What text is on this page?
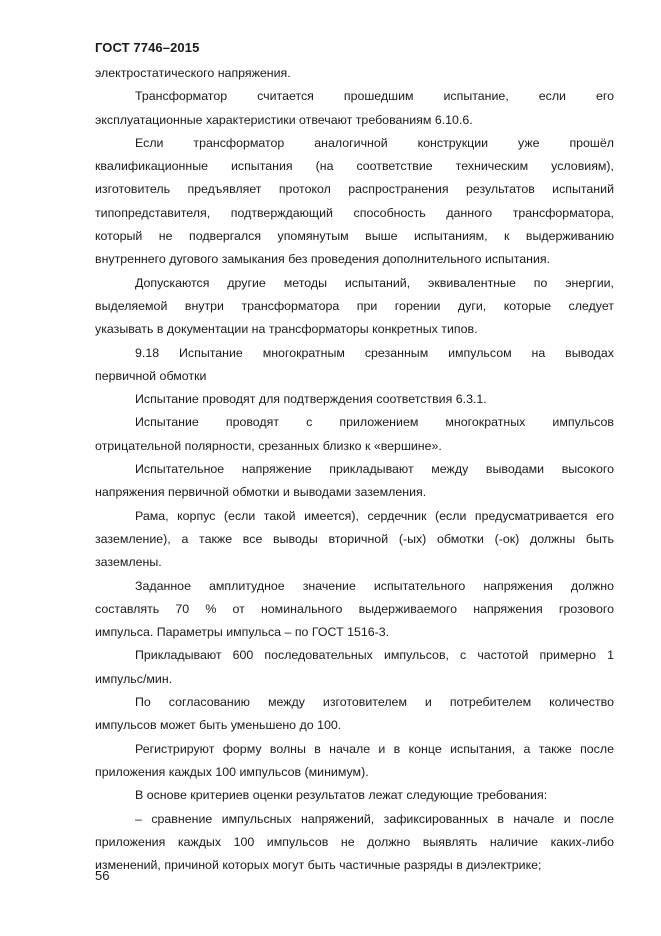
ГОСТ 7746–2015
электростатического напряжения.
Трансформатор считается прошедшим испытание, если его
эксплуатационные характеристики отвечают требованиям 6.10.6.
Если трансформатор аналогичной конструкции уже прошёл
квалификационные испытания (на соответствие техническим условиям),
изготовитель предъявляет протокол распространения результатов испытаний
типопредставителя, подтверждающий способность данного трансформатора,
который не подвергался упомянутым выше испытаниям, к выдерживанию
внутреннего дугового замыкания без проведения дополнительного испытания.
Допускаются другие методы испытаний, эквивалентные по энергии,
выделяемой внутри трансформатора при горении дуги, которые следует
указывать в документации на трансформаторы конкретных типов.
9.18 Испытание многократным срезанным импульсом на выводах
первичной обмотки
Испытание проводят для подтверждения соответствия 6.3.1.
Испытание проводят с приложением многократных импульсов
отрицательной полярности, срезанных близко к «вершине».
Испытательное напряжение прикладывают между выводами высокого
напряжения первичной обмотки и выводами заземления.
Рама, корпус (если такой имеется), сердечник (если предусматривается его
заземление), а также все выводы вторичной (-ых) обмотки (-ок) должны быть
заземлены.
Заданное амплитудное значение испытательного напряжения должно
составлять 70 % от номинального выдерживаемого напряжения грозового
импульса. Параметры импульса – по ГОСТ 1516-3.
Прикладывают 600 последовательных импульсов, с частотой примерно 1
импульс/мин.
По согласованию между изготовителем и потребителем количество
импульсов может быть уменьшено до 100.
Регистрируют форму волны в начале и в конце испытания, а также после
приложения каждых 100 импульсов (минимум).
В основе критериев оценки результатов лежат следующие требования:
– сравнение импульсных напряжений, зафиксированных в начале и после
приложения каждых 100 импульсов не должно выявлять наличие каких-либо
изменений, причиной которых могут быть частичные разряды в диэлектрике;
56
